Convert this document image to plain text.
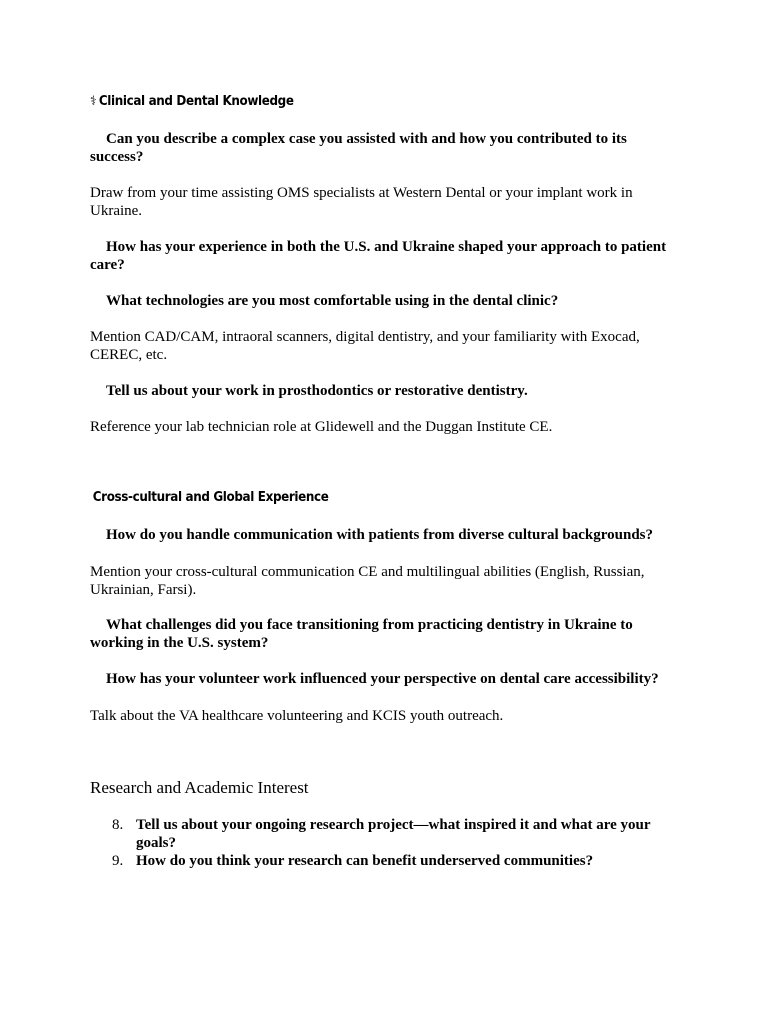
⚕ Clinical and Dental Knowledge

Can you describe a complex case you assisted with and how you contributed to its success?

Draw from your time assisting OMS specialists at Western Dental or your implant work in Ukraine.

How has your experience in both the U.S. and Ukraine shaped your approach to patient care?

What technologies are you most comfortable using in the dental clinic?

Mention CAD/CAM, intraoral scanners, digital dentistry, and your familiarity with Exocad, CEREC, etc.

Tell us about your work in prosthodontics or restorative dentistry.

Reference your lab technician role at Glidewell and the Duggan Institute CE.

Cross-cultural and Global Experience

How do you handle communication with patients from diverse cultural backgrounds?

Mention your cross-cultural communication CE and multilingual abilities (English, Russian, Ukrainian, Farsi).

What challenges did you face transitioning from practicing dentistry in Ukraine to working in the U.S. system?

How has your volunteer work influenced your perspective on dental care accessibility?

Talk about the VA healthcare volunteering and KCIS youth outreach.

Research and Academic Interest
8. Tell us about your ongoing research project—what inspired it and what are your goals?
9. How do you think your research can benefit underserved communities?
